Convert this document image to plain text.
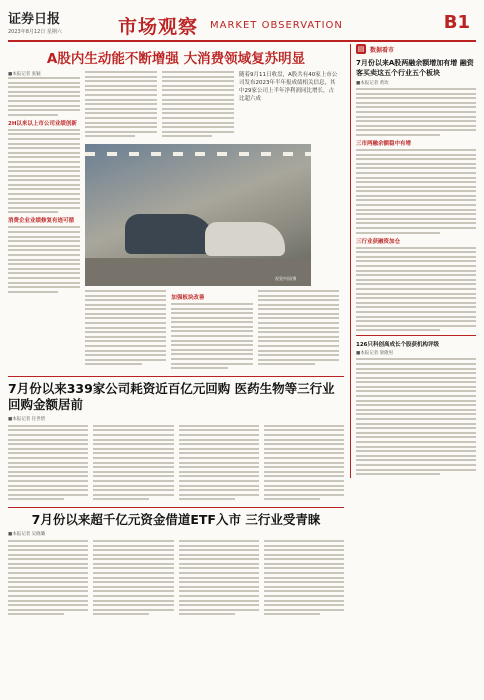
证券日报
2023年8月12日 星期六	市场观察 MARKET OBSERVATION	B1
A股内生动能不断增强 大消费领域复苏明显
■本报记者 张颖
2H以来以上市公司业绩创新
消费企业业绩修复有迹可循
随着9月11日收盘，A股共有40家上市公司发布2023年半年报成绩相关信息，其中29家公司上半年净利润同比增长，占比超六成
视觉中国/摄
加强板块改善
7月份以来339家公司耗资近百亿元回购 医药生物等三行业回购金额居前
■本报记者 任世碧
7月份以来超千亿元资金借道ETF入市 三行业受青睐
■本报记者 吴晓璐
▤ 数据看市
7月份以来A股两融余额增加有增 融资客买卖这五个行业五个板块
■本报记者 黄玫
三市两融余额稳中有增
三行业获融资加仓
126只科创高成长个股获机构评级
■本报记者 梁傲男
